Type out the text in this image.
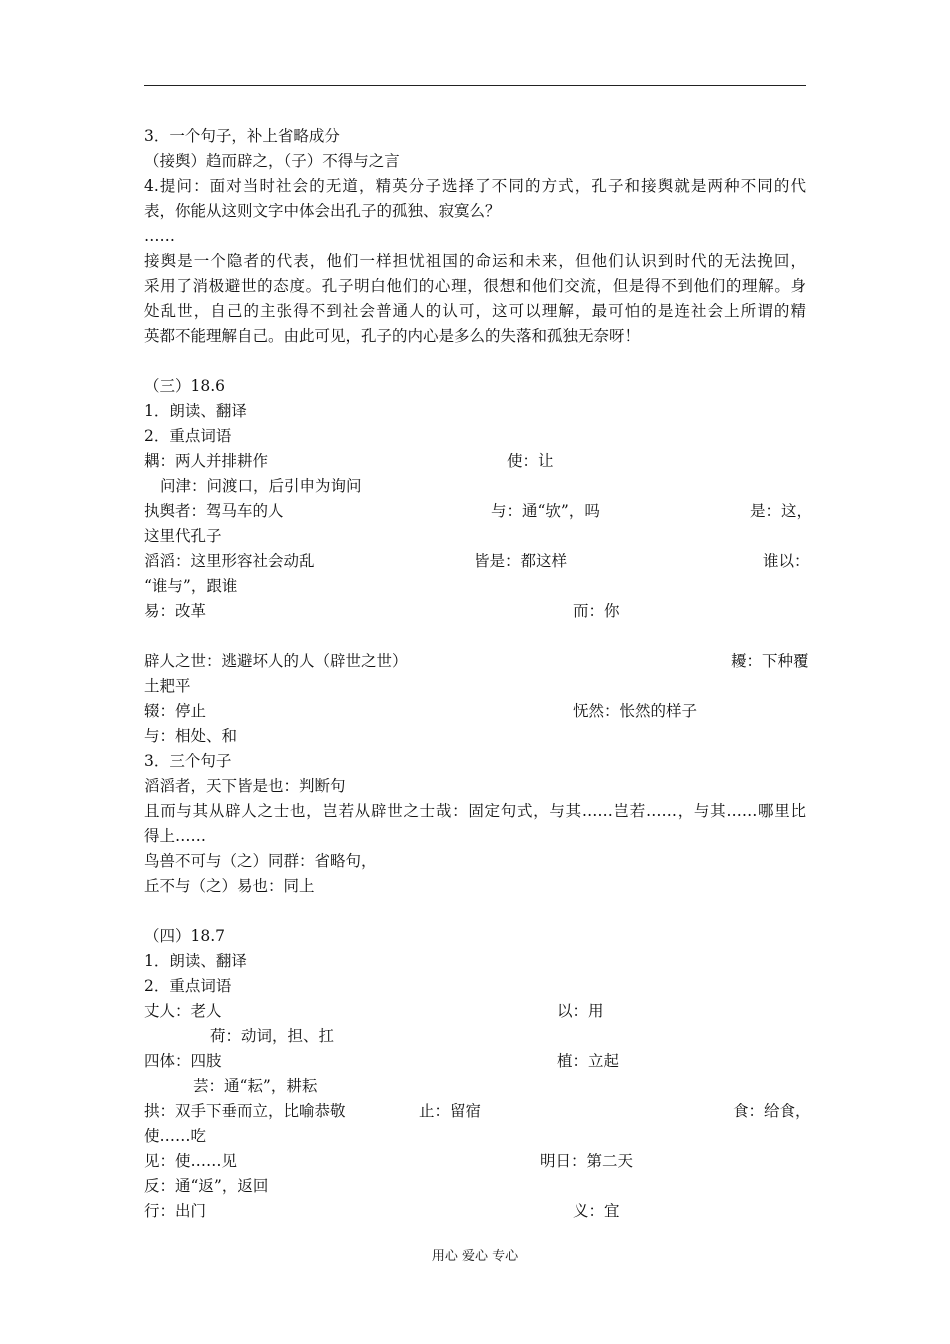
3．一个句子，补上省略成分
（接舆）趋而辟之，（子）不得与之言
4.提问：面对当时社会的无道，精英分子选择了不同的方式，孔子和接舆就是两种不同的代
表，你能从这则文字中体会出孔子的孤独、寂寞么？
……
接舆是一个隐者的代表，他们一样担忧祖国的命运和未来，但他们认识到时代的无法挽回，
采用了消极避世的态度。孔子明白他们的心理，很想和他们交流，但是得不到他们的理解。身
处乱世，自己的主张得不到社会普通人的认可，这可以理解，最可怕的是连社会上所谓的精
英都不能理解自己。由此可见，孔子的内心是多么的失落和孤独无奈呀！
（三）18.6
1．朗读、翻译
2．重点词语
耦：两人并排耕作	使：让
问津：问渡口，后引申为询问
执舆者：驾马车的人	与：通“欤”，吗	是：这，
这里代孔子
滔滔：这里形容社会动乱	皆是：都这样	谁以：
“谁与”，跟谁
易：改革	而：你
辟人之世：逃避坏人的人（辟世之世）	耰：下种覆
土耙平
辍：停止	怃然：怅然的样子
与：相处、和
3．三个句子
滔滔者，天下皆是也：判断句
且而与其从辟人之士也，岂若从辟世之士哉：固定句式，与其……岂若……，与其……哪里比
得上……
鸟兽不可与（之）同群：省略句，
丘不与（之）易也：同上
（四）18.7
1．朗读、翻译
2．重点词语
丈人：老人	以：用
荷：动词，担、扛
四体：四肢	植：立起
芸：通“耘”，耕耘
拱：双手下垂而立，比喻恭敬	止：留宿	食：给食，
使……吃
见：使……见	明日：第二天
反：通“返”，返回
行：出门	义：宜
用心 爱心 专心
